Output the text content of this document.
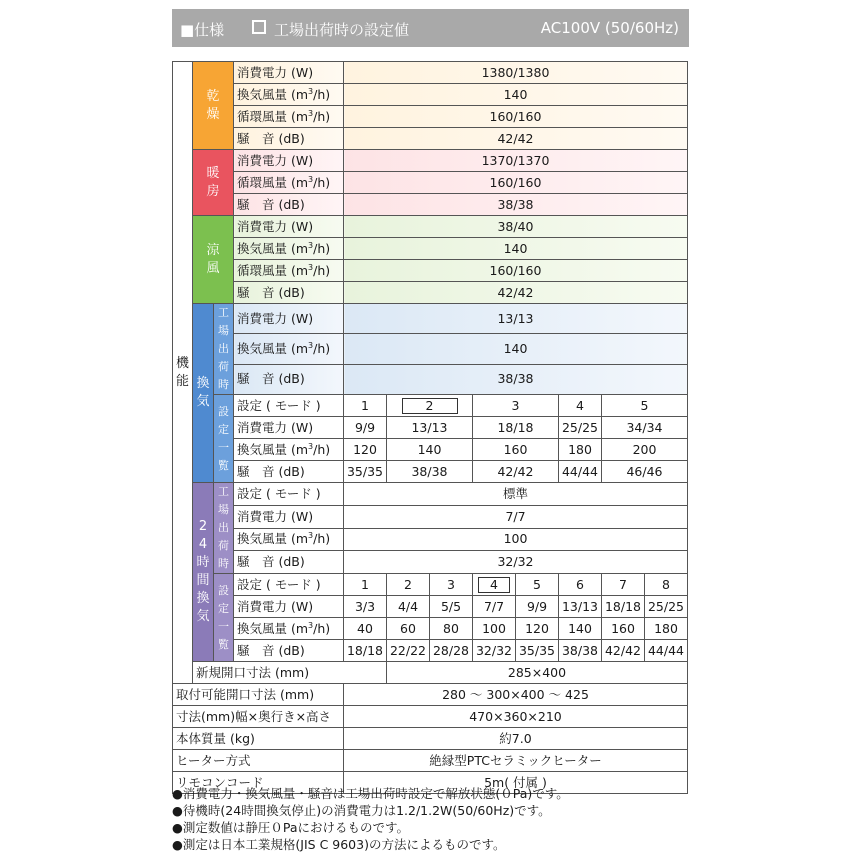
■仕様	工場出荷時の設定値	AC100V (50/60Hz)
機能	乾燥		消費電力 (W)	1380/1380							
			換気風量 $(m^3/h)$	140							
			循環風量 $(m^3/h)$	160/160							
			騒　音 (dB)	42/42							
	暖房		消費電力 (W)	1370/1370							
			循環風量 $(m^3/h)$	160/160							
			騒　音 (dB)	38/38							
	涼風		消費電力 (W)	38/40							
			換気風量 $(m^3/h)$	140							
			循環風量 $(m^3/h)$	160/160							
			騒　音 (dB)	42/42							
	換気	工場出荷時	消費電力 (W)	13/13							
			換気風量 $(m^3/h)$	140							
			騒　音 (dB)	38/38							
		設定一覧	設定 ( モード )	1	2		3		4	5	
			消費電力 (W)	9/9	13/13		18/18		25/25	34/34	
			換気風量 $(m^3/h)$	120	140		160		180	200	
			騒　音 (dB)	35/35	38/38		42/42		44/44	46/46	
	24時間換気	工場出荷時	設定 ( モード )	標準							
			消費電力 (W)	7/7							
			換気風量 $(m^3/h)$	100							
			騒　音 (dB)	32/32							
		設定一覧	設定 ( モード )	1	2	3	4	5	6	7	8
			消費電力 (W)	3/3	4/4	5/5	7/7	9/9	13/13	18/18	25/25
			換気風量 $(m^3/h)$	40	60	80	100	120	140	160	180
			騒　音 (dB)	18/18	22/22	28/28	32/32	35/35	38/38	42/42	44/44
	新規開口寸法 (mm)				285×400						
取付可能開口寸法 (mm)				280 ～ 300×400 ～ 425							
寸法(mm)幅×奥行き×高さ				470×360×210							
本体質量 (kg)				約7.0							
ヒーター方式				絶縁型PTCセラミックヒーター							
リモコンコード				5m( 付属 )							
●消費電力・換気風量・騒音は工場出荷時設定で解放状態(０Pa)です。
●待機時(24時間換気停止)の消費電力は1.2/1.2W(50/60Hz)です。
●測定数値は静圧０Paにおけるものです。
●測定は日本工業規格(JIS C 9603)の方法によるものです。
